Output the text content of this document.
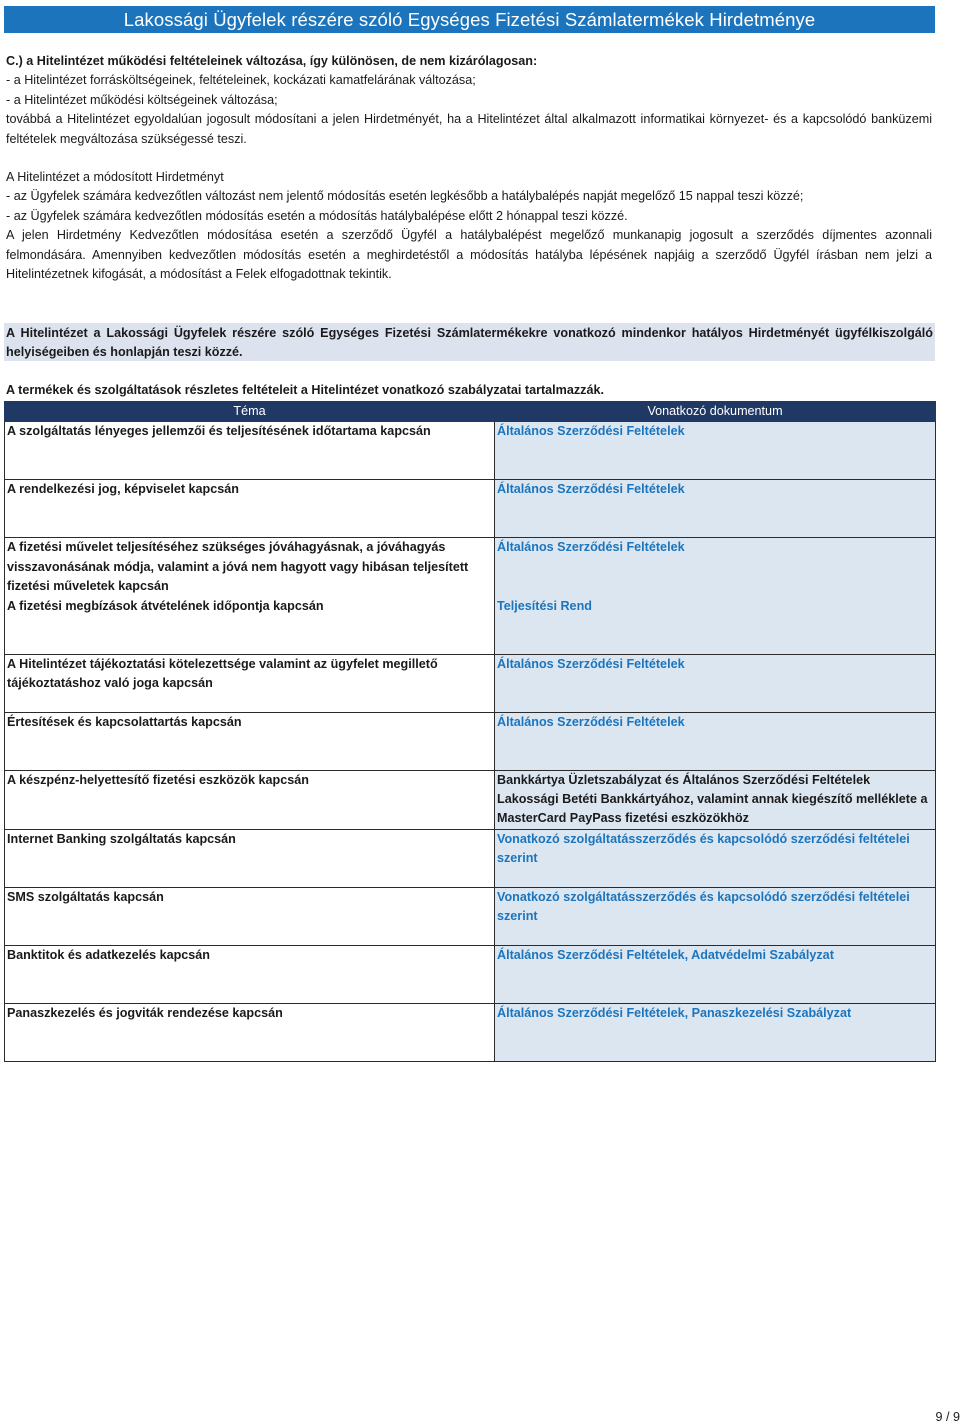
Lakossági Ügyfelek részére szóló Egységes Fizetési Számlatermékek Hirdetménye

C.) a Hitelintézet működési feltételeinek változása, így különösen, de nem kizárólagosan:

- a Hitelintézet forrásköltségeinek, feltételeinek, kockázati kamatfelárának változása;

- a Hitelintézet működési költségeinek változása;

továbbá a Hitelintézet egyoldalúan jogosult módosítani a jelen Hirdetményét, ha a Hitelintézet által alkalmazott informatikai környezet- és a kapcsolódó banküzemi feltételek megváltozása szükségessé teszi.

A Hitelintézet a módosított Hirdetményt

- az Ügyfelek számára kedvezőtlen változást nem jelentő módosítás esetén legkésőbb a hatálybalépés napját megelőző 15 nappal teszi közzé;

- az Ügyfelek számára kedvezőtlen módosítás esetén a módosítás hatálybalépése előtt 2 hónappal teszi közzé.

A jelen Hirdetmény Kedvezőtlen módosítása esetén a szerződő Ügyfél a hatálybalépést megelőző munkanapig jogosult a szerződés díjmentes azonnali felmondására. Amennyiben kedvezőtlen módosítás esetén a meghirdetéstől a módosítás hatályba lépésének napjáig a szerződő Ügyfél írásban nem jelzi a Hitelintézetnek kifogását, a módosítást a Felek elfogadottnak tekintik.

A Hitelintézet a Lakossági Ügyfelek részére szóló Egységes Fizetési Számlatermékekre vonatkozó mindenkor hatályos Hirdetményét ügyfélkiszolgáló helyiségeiben és honlapján teszi közzé.
A termékek és szolgáltatások részletes feltételeit a Hitelintézet vonatkozó szabályzatai tartalmazzák.
Téma	Vonatkozó dokumentum
A szolgáltatás lényeges jellemzői és teljesítésének időtartama kapcsán	Általános Szerződési Feltételek
A rendelkezési jog, képviselet kapcsán	Általános Szerződési Feltételek
A fizetési művelet teljesítéséhez szükséges jóváhagyásnak, a jóváhagyás visszavonásának módja, valamint a jóvá nem hagyott vagy hibásan teljesített fizetési műveletek kapcsán	Általános Szerződési Feltételek
A fizetési megbízások átvételének időpontja kapcsán	Teljesítési Rend
A Hitelintézet tájékoztatási kötelezettsége valamint az ügyfelet megillető tájékoztatáshoz való joga kapcsán	Általános Szerződési Feltételek
Értesítések és kapcsolattartás kapcsán	Általános Szerződési Feltételek
A készpénz-helyettesítő fizetési eszközök kapcsán	Bankkártya Üzletszabályzat és Általános Szerződési Feltételek Lakossági Betéti Bankkártyához, valamint annak kiegészítő melléklete a MasterCard PayPass fizetési eszközökhöz
Internet Banking szolgáltatás kapcsán	Vonatkozó szolgáltatásszerződés és kapcsolódó szerződési feltételei szerint
SMS szolgáltatás kapcsán	Vonatkozó szolgáltatásszerződés és kapcsolódó szerződési feltételei szerint
Banktitok és adatkezelés kapcsán	Általános Szerződési Feltételek, Adatvédelmi Szabályzat
Panaszkezelés és jogviták rendezése kapcsán	Általános Szerződési Feltételek, Panaszkezelési Szabályzat
9 / 9
